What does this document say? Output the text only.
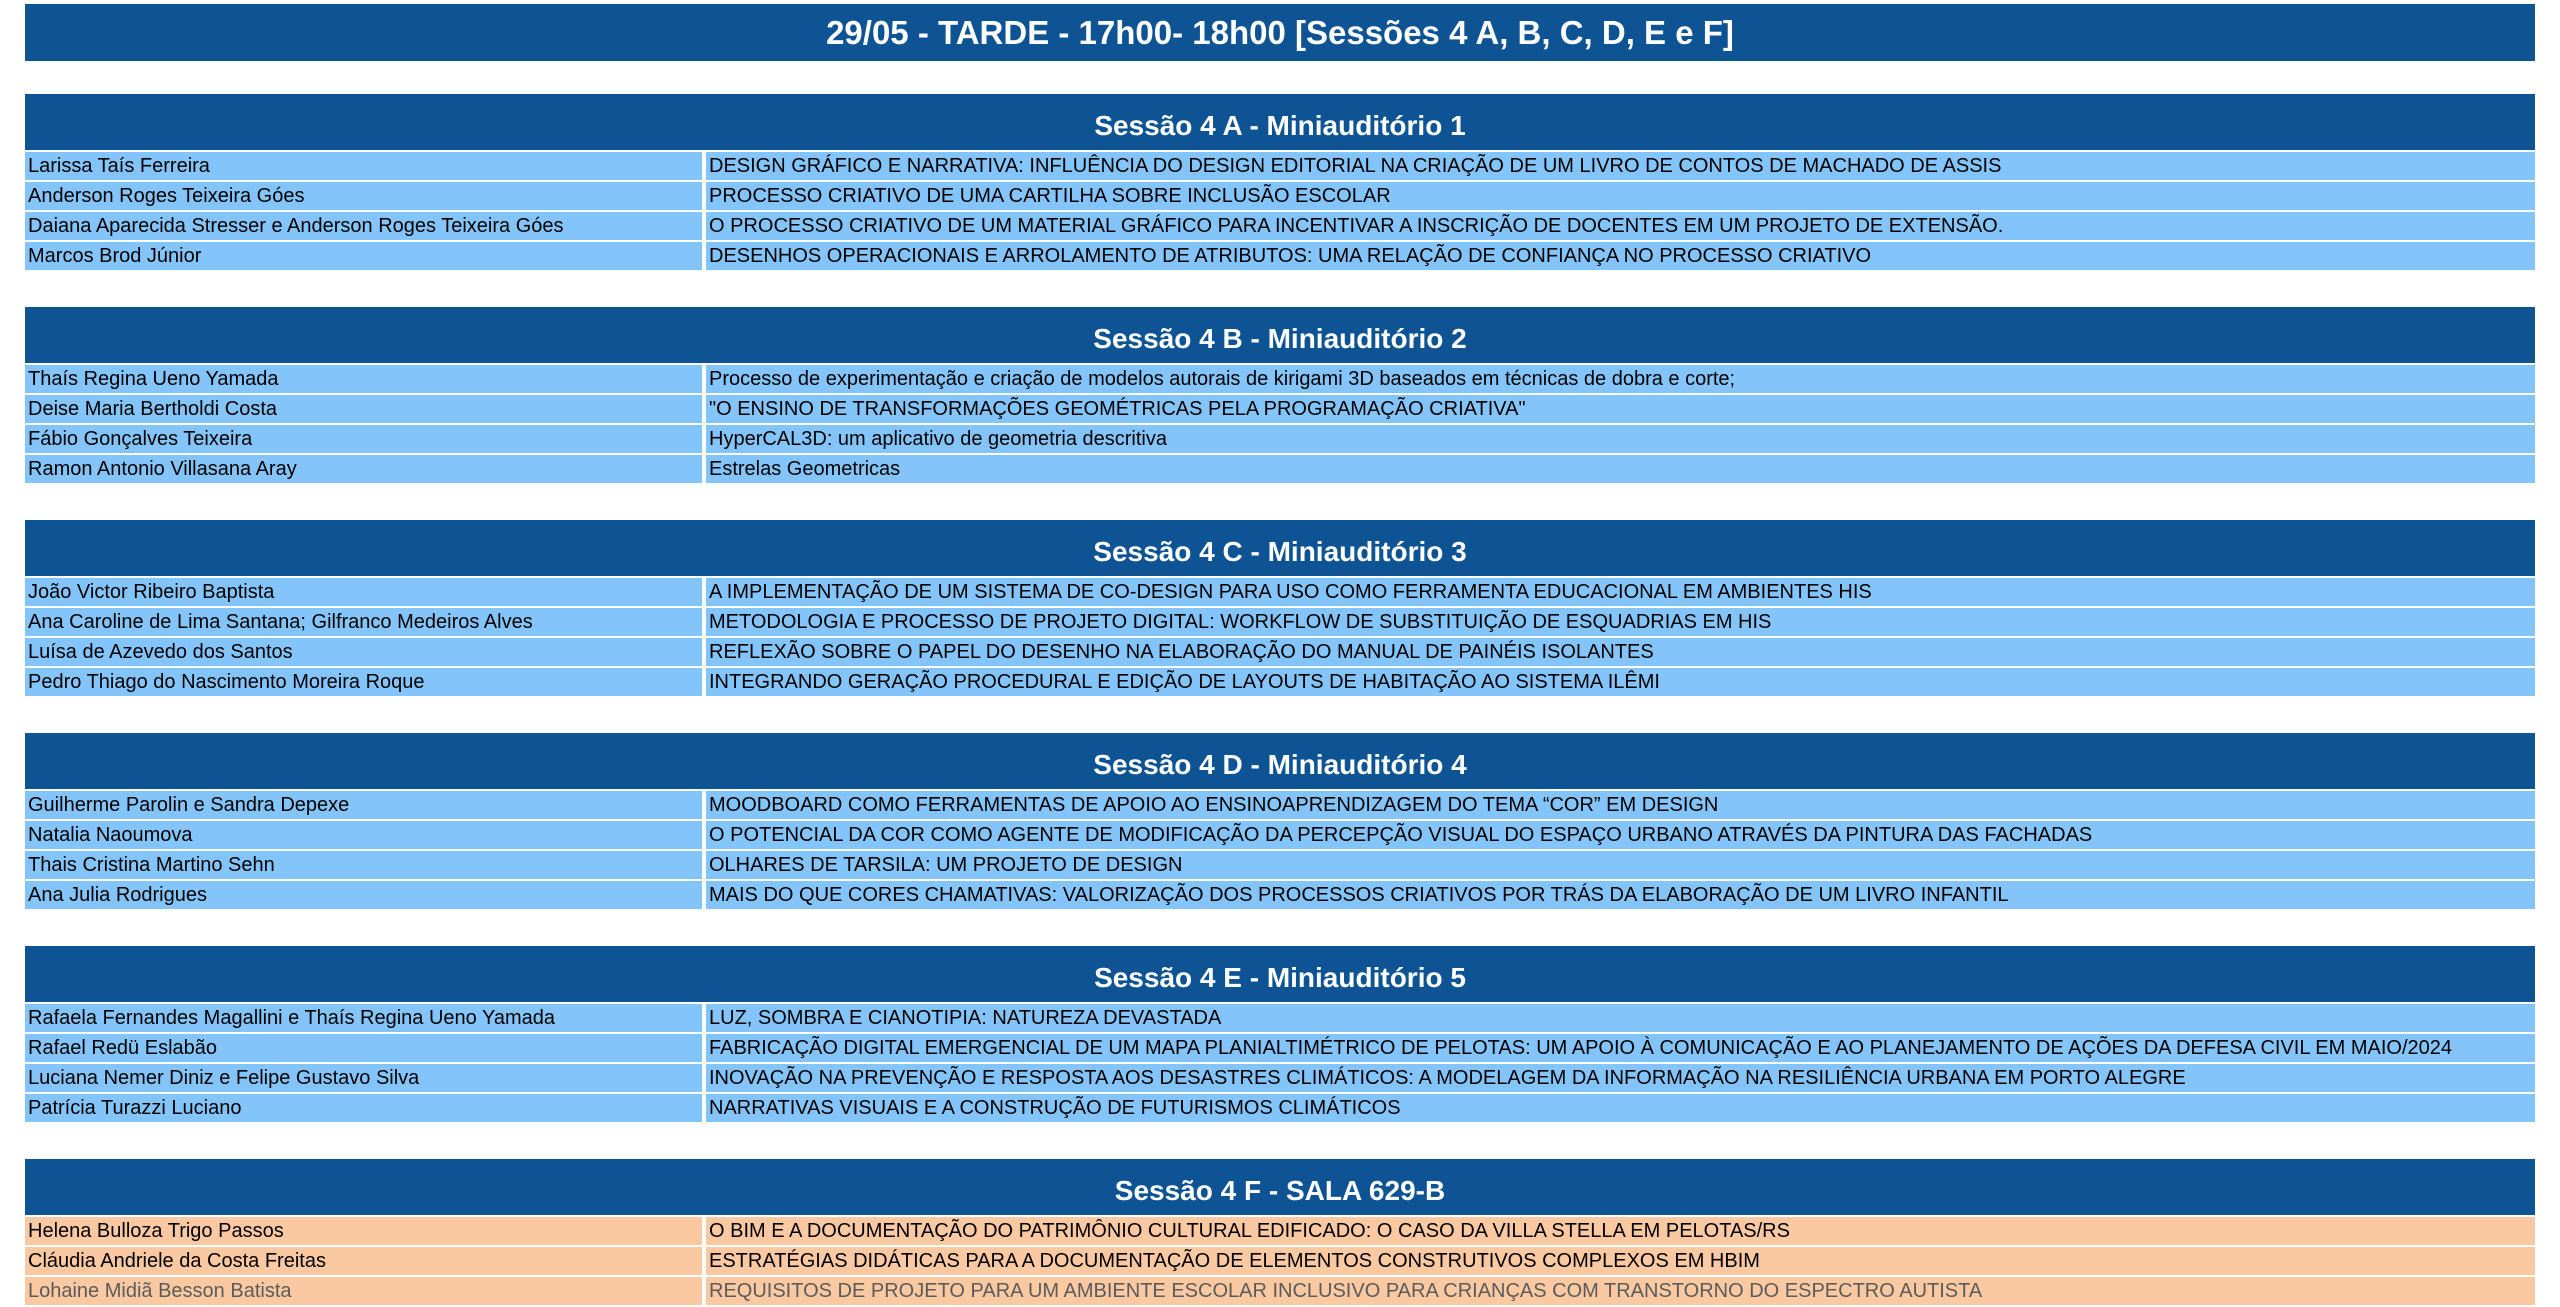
29/05 - TARDE - 17h00- 18h00 [Sessões 4 A, B, C, D, E e F]
Sessão 4 A - Miniauditório 1
Larissa Taís Ferreira	DESIGN GRÁFICO E NARRATIVA: INFLUÊNCIA DO DESIGN EDITORIAL NA CRIAÇÃO DE UM LIVRO DE CONTOS DE MACHADO DE ASSIS
Anderson Roges Teixeira Góes	PROCESSO CRIATIVO DE UMA CARTILHA SOBRE INCLUSÃO ESCOLAR
Daiana Aparecida Stresser e Anderson Roges Teixeira Góes	O PROCESSO CRIATIVO DE UM MATERIAL GRÁFICO PARA INCENTIVAR A INSCRIÇÃO DE DOCENTES EM UM PROJETO DE EXTENSÃO.
Marcos Brod Júnior	DESENHOS OPERACIONAIS E ARROLAMENTO DE ATRIBUTOS: UMA RELAÇÃO DE CONFIANÇA NO PROCESSO CRIATIVO
Sessão 4 B - Miniauditório 2
Thaís Regina Ueno Yamada	Processo de experimentação e criação de modelos autorais de kirigami 3D baseados em técnicas de dobra e corte;
Deise Maria Bertholdi Costa	"O ENSINO DE TRANSFORMAÇÕES GEOMÉTRICAS PELA PROGRAMAÇÃO CRIATIVA"
Fábio Gonçalves Teixeira	HyperCAL3D: um aplicativo de geometria descritiva
Ramon Antonio Villasana Aray	Estrelas Geometricas
Sessão 4 C - Miniauditório 3
João Victor Ribeiro Baptista	A IMPLEMENTAÇÃO DE UM SISTEMA DE CO-DESIGN PARA USO COMO FERRAMENTA EDUCACIONAL EM AMBIENTES HIS
Ana Caroline de Lima Santana; Gilfranco Medeiros Alves	METODOLOGIA E PROCESSO DE PROJETO DIGITAL: WORKFLOW DE SUBSTITUIÇÃO DE ESQUADRIAS EM HIS
Luísa de Azevedo dos Santos	REFLEXÃO SOBRE O PAPEL DO DESENHO NA ELABORAÇÃO DO MANUAL DE PAINÉIS ISOLANTES
Pedro Thiago do Nascimento Moreira Roque	INTEGRANDO GERAÇÃO PROCEDURAL E EDIÇÃO DE LAYOUTS DE HABITAÇÃO AO SISTEMA ILÊMI
Sessão 4 D - Miniauditório 4
Guilherme Parolin e Sandra Depexe	MOODBOARD COMO FERRAMENTAS DE APOIO AO ENSINOAPRENDIZAGEM DO TEMA “COR” EM DESIGN
Natalia Naoumova	O POTENCIAL DA COR COMO AGENTE DE MODIFICAÇÃO DA PERCEPÇÃO VISUAL DO ESPAÇO URBANO ATRAVÉS DA PINTURA DAS FACHADAS
Thais Cristina Martino Sehn	OLHARES DE TARSILA: UM PROJETO DE DESIGN
Ana Julia Rodrigues	MAIS DO QUE CORES CHAMATIVAS: VALORIZAÇÃO DOS PROCESSOS CRIATIVOS POR TRÁS DA ELABORAÇÃO DE UM LIVRO INFANTIL
Sessão 4 E - Miniauditório 5
Rafaela Fernandes Magallini e Thaís Regina Ueno Yamada	LUZ, SOMBRA E CIANOTIPIA: NATUREZA DEVASTADA
Rafael Redü Eslabão	FABRICAÇÃO DIGITAL EMERGENCIAL DE UM MAPA PLANIALTIMÉTRICO DE PELOTAS: UM APOIO À COMUNICAÇÃO E AO PLANEJAMENTO DE AÇÕES DA DEFESA CIVIL EM MAIO/2024
Luciana Nemer Diniz e Felipe Gustavo Silva	INOVAÇÃO NA PREVENÇÃO E RESPOSTA AOS DESASTRES CLIMÁTICOS: A MODELAGEM DA INFORMAÇÃO NA RESILIÊNCIA URBANA EM PORTO ALEGRE
Patrícia Turazzi Luciano	NARRATIVAS VISUAIS E A CONSTRUÇÃO DE FUTURISMOS CLIMÁTICOS
Sessão 4 F - SALA 629-B
Helena Bulloza Trigo Passos	O BIM E A DOCUMENTAÇÃO DO PATRIMÔNIO CULTURAL EDIFICADO: O CASO DA VILLA STELLA EM PELOTAS/RS
Cláudia Andriele da Costa Freitas	ESTRATÉGIAS DIDÁTICAS PARA A DOCUMENTAÇÃO DE ELEMENTOS CONSTRUTIVOS COMPLEXOS EM HBIM
Lohaine Midiã Besson Batista	REQUISITOS DE PROJETO PARA UM AMBIENTE ESCOLAR INCLUSIVO PARA CRIANÇAS COM TRANSTORNO DO ESPECTRO AUTISTA
